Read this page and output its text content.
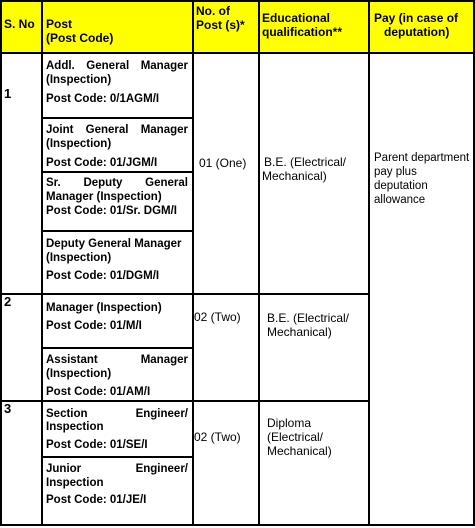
S. No Post
(Post Code)
No. of
Post (s)* Educational
qualification**
Pay (in case of
deputation)
1
Addl. General Manager
(Inspection)
Post Code: 0/1AGM/I
Joint General Manager
(Inspection)
Post Code: 01/JGM/I
Sr. Deputy General
Manager (Inspection)
Post Code: 01/Sr. DGM/I
Deputy General Manager
(Inspection)
Post Code: 01/DGM/I
01 (One) B.E. (Electrical/
Mechanical)
Parent department
pay plus
deputation
allowance
2	Manager (Inspection)
Post Code: 01/M/I
Assistant Manager
(Inspection)
Post Code: 01/AM/I
02 (Two) B.E. (Electrical/
Mechanical)
3	Section Engineer/
Inspection
Post Code: 01/SE/I
Junior Engineer/
Inspection
Post Code: 01/JE/I
02 (Two)
Diploma
(Electrical/
Mechanical)
